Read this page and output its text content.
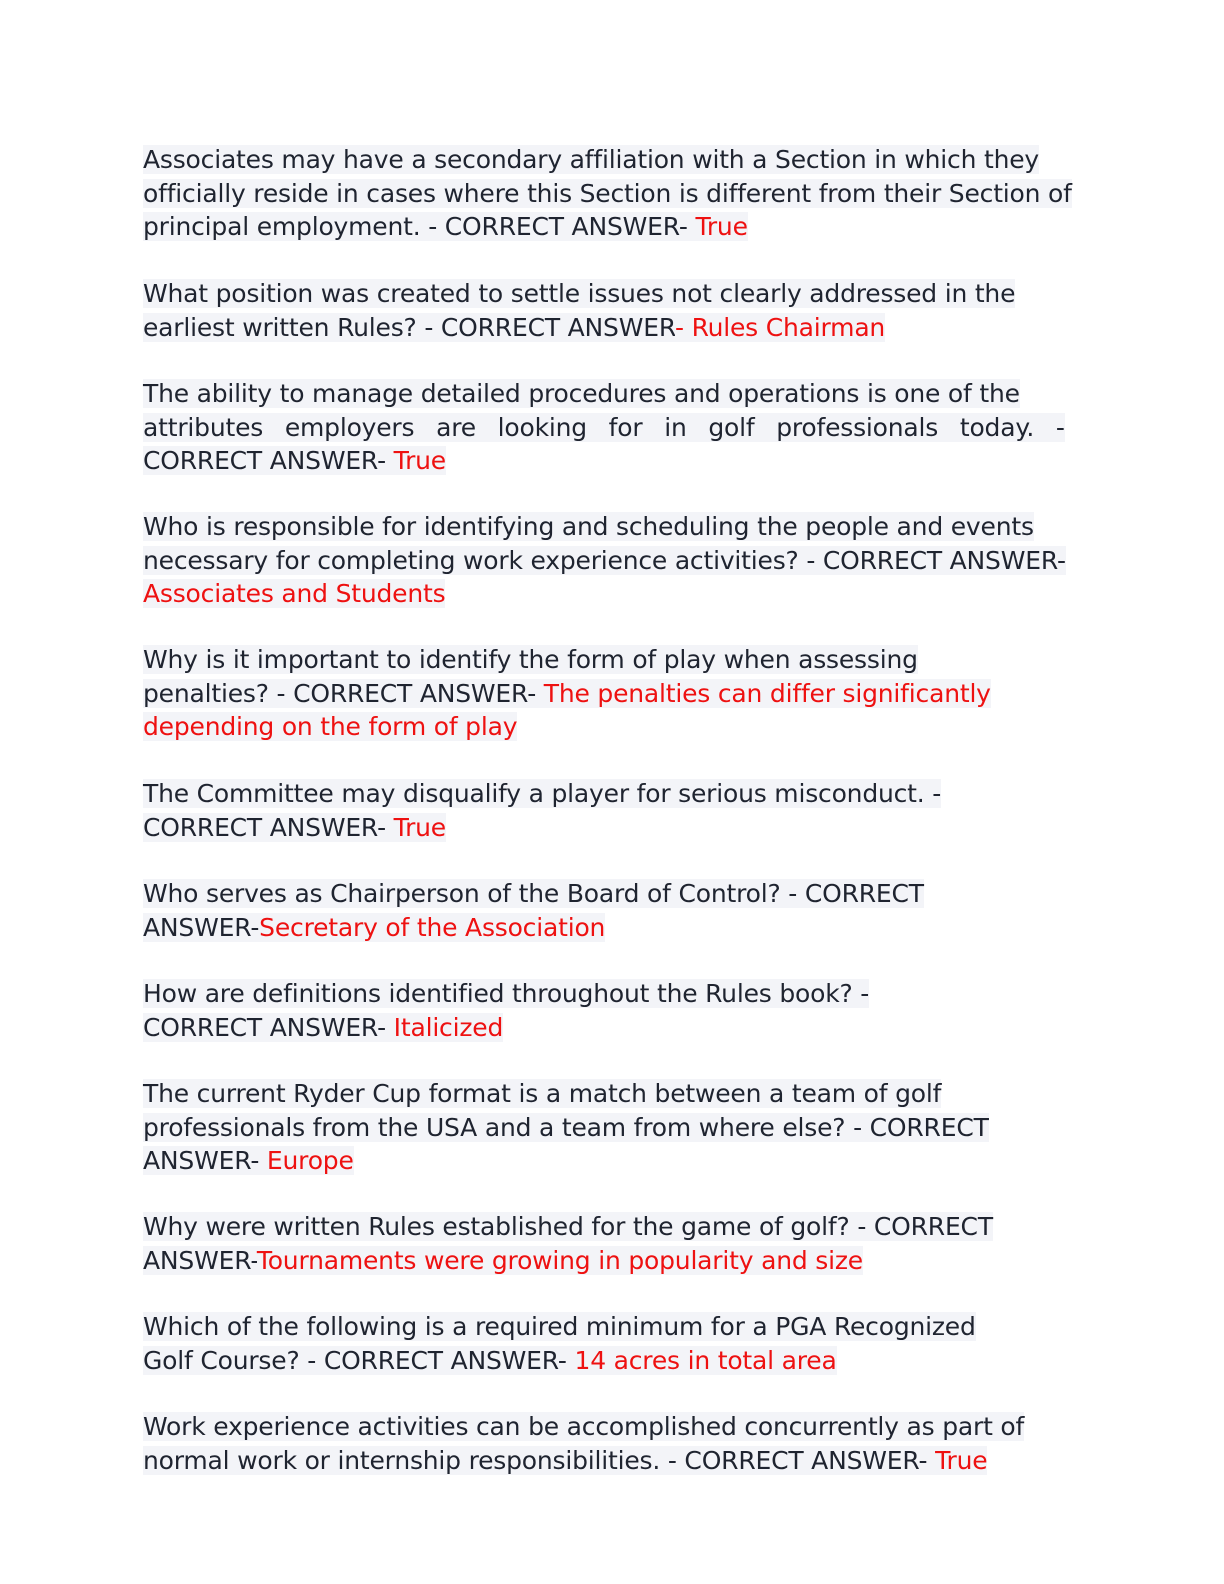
Associates may have a secondary affiliation with a Section in which they
officially reside in cases where this Section is different from their Section of
principal employment. - CORRECT ANSWER- True

What position was created to settle issues not clearly addressed in the
earliest written Rules? - CORRECT ANSWER- Rules Chairman

The ability to manage detailed procedures and operations is one of the
attributes employers are looking for in golf professionals today. -
CORRECT ANSWER- True

Who is responsible for identifying and scheduling the people and events
necessary for completing work experience activities? - CORRECT ANSWER-
Associates and Students

Why is it important to identify the form of play when assessing
penalties? - CORRECT ANSWER- The penalties can differ significantly
depending on the form of play

The Committee may disqualify a player for serious misconduct. -
CORRECT ANSWER- True

Who serves as Chairperson of the Board of Control? - CORRECT
ANSWER-Secretary of the Association

How are definitions identified throughout the Rules book? -
CORRECT ANSWER- Italicized

The current Ryder Cup format is a match between a team of golf
professionals from the USA and a team from where else? - CORRECT
ANSWER- Europe

Why were written Rules established for the game of golf? - CORRECT
ANSWER-Tournaments were growing in popularity and size

Which of the following is a required minimum for a PGA Recognized
Golf Course? - CORRECT ANSWER- 14 acres in total area

Work experience activities can be accomplished concurrently as part of
normal work or internship responsibilities. - CORRECT ANSWER- True
